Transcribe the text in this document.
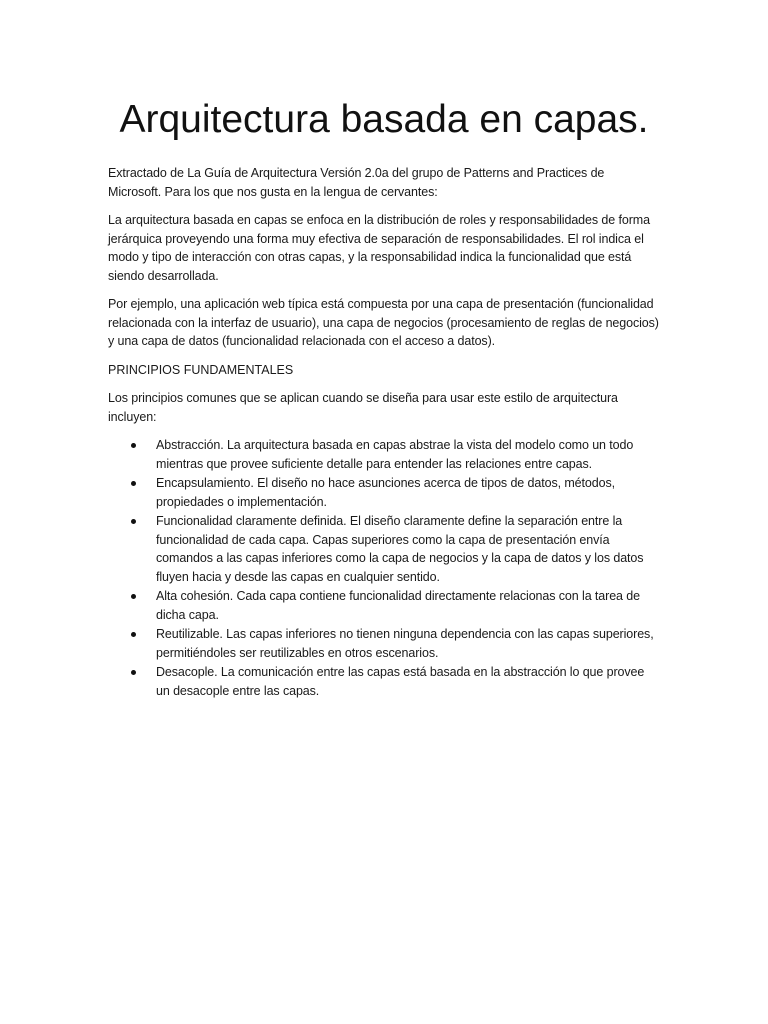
Arquitectura basada en capas.

Extractado de La Guía de Arquitectura Versión 2.0a del grupo de Patterns and Practices de Microsoft. Para los que nos gusta en la lengua de cervantes:

La arquitectura basada en capas se enfoca en la distribución de roles y responsabilidades de forma jerárquica proveyendo una forma muy efectiva de separación de responsabilidades. El rol indica el modo y tipo de interacción con otras capas, y la responsabilidad indica la funcionalidad que está siendo desarrollada.

Por ejemplo, una aplicación web típica está compuesta por una capa de presentación (funcionalidad relacionada con la interfaz de usuario), una capa de negocios (procesamiento de reglas de negocios) y una capa de datos (funcionalidad relacionada con el acceso a datos).

PRINCIPIOS FUNDAMENTALES

Los principios comunes que se aplican cuando se diseña para usar este estilo de arquitectura incluyen:

Abstracción. La arquitectura basada en capas abstrae la vista del modelo como un todo mientras que provee suficiente detalle para entender las relaciones entre capas.
Encapsulamiento. El diseño no hace asunciones acerca de tipos de datos, métodos, propiedades o implementación.
Funcionalidad claramente definida. El diseño claramente define la separación entre la funcionalidad de cada capa. Capas superiores como la capa de presentación envía comandos a las capas inferiores como la capa de negocios y la capa de datos y los datos fluyen hacia y desde las capas en cualquier sentido.
Alta cohesión. Cada capa contiene funcionalidad directamente relacionas con la tarea de dicha capa.
Reutilizable. Las capas inferiores no tienen ninguna dependencia con las capas superiores, permitiéndoles ser reutilizables en otros escenarios.
Desacople. La comunicación entre las capas está basada en la abstracción lo que provee un desacople entre las capas.
